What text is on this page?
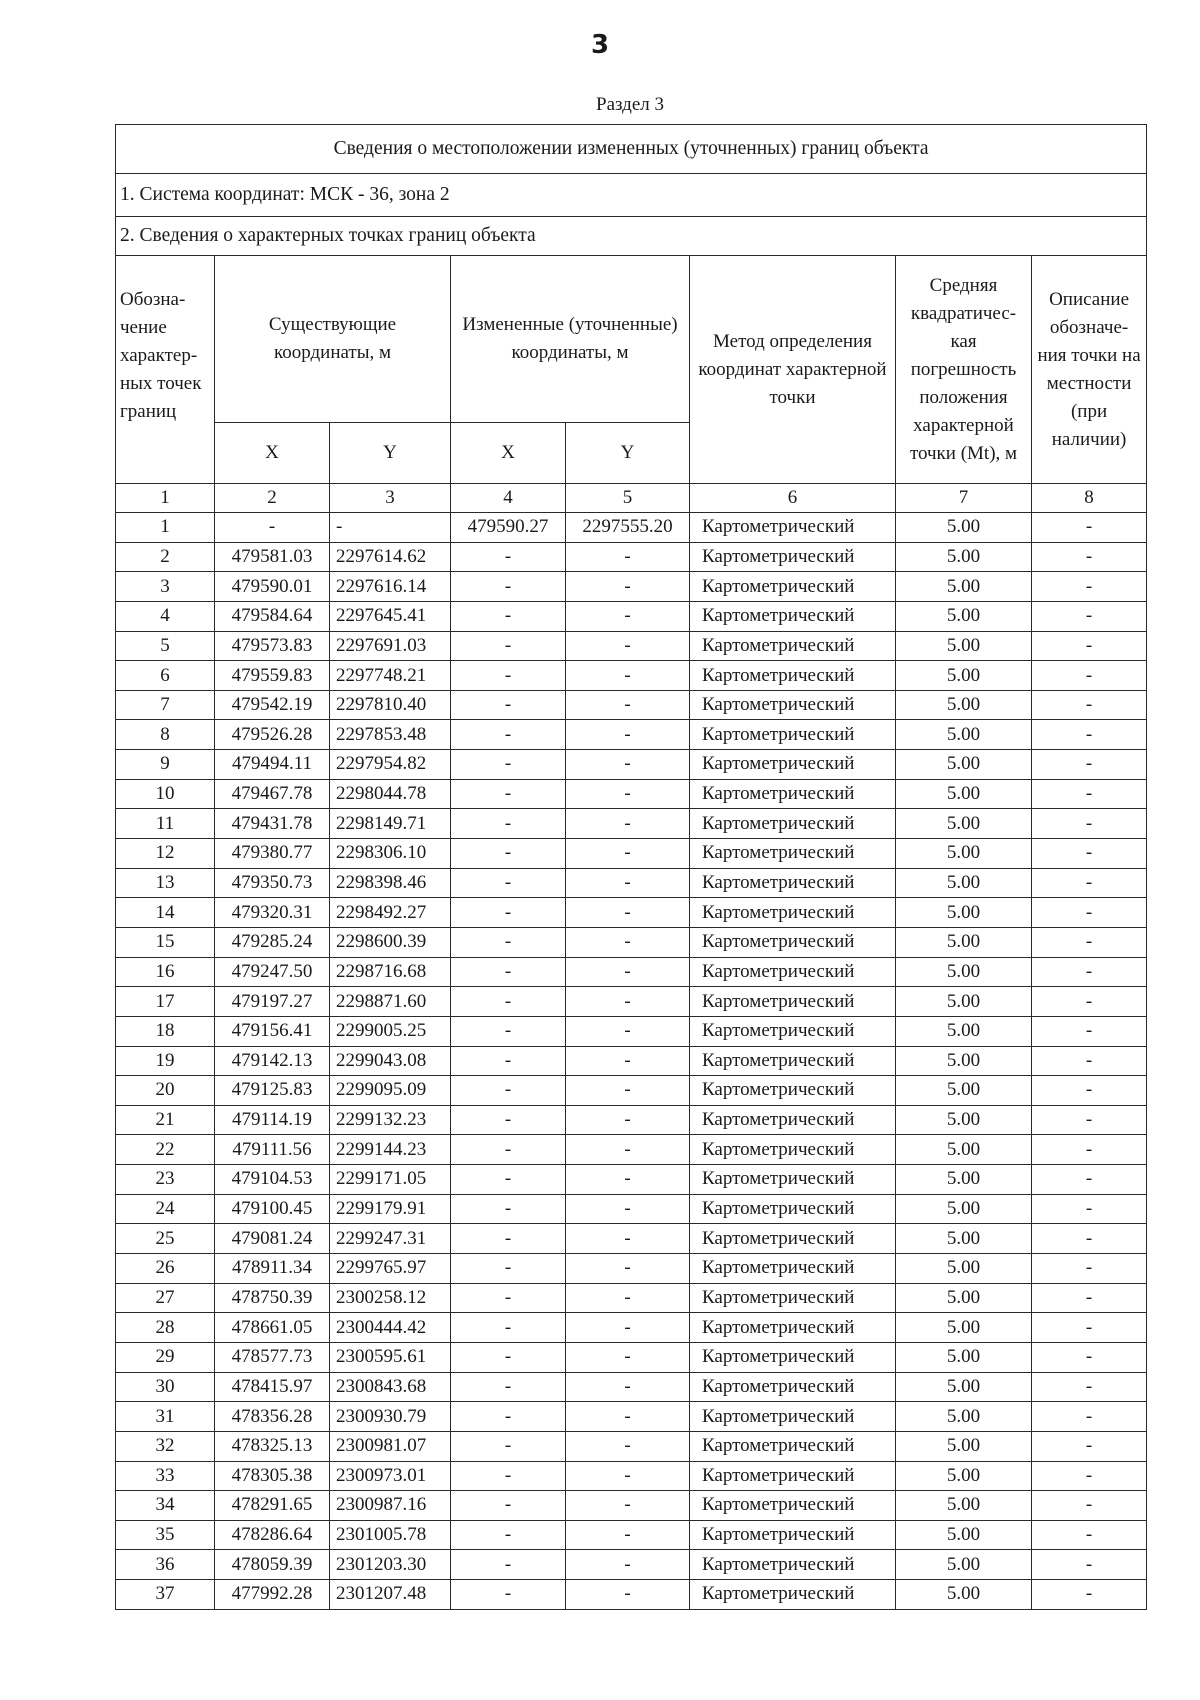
3
Раздел 3
Сведения о местоположении измененных (уточненных) границ объекта							
1. Система координат: МСК - 36, зона 2							
2. Сведения о характерных точках границ объекта							
Обозна-чение характер-ных точек границ	Существующие координаты, м		Измененные (уточненные) координаты, м		Метод определения координат характерной точки	Средняя квадратичес-кая погрешность положения характерной точки (Mt), м	Описание обозначе-ния точки на местности (при наличии)
	X	Y	X	Y			
1	2	3	4	5	6	7	8
1	-	-	479590.27	2297555.20	Картометрический	5.00	-
2	479581.03	2297614.62	-	-	Картометрический	5.00	-
3	479590.01	2297616.14	-	-	Картометрический	5.00	-
4	479584.64	2297645.41	-	-	Картометрический	5.00	-
5	479573.83	2297691.03	-	-	Картометрический	5.00	-
6	479559.83	2297748.21	-	-	Картометрический	5.00	-
7	479542.19	2297810.40	-	-	Картометрический	5.00	-
8	479526.28	2297853.48	-	-	Картометрический	5.00	-
9	479494.11	2297954.82	-	-	Картометрический	5.00	-
10	479467.78	2298044.78	-	-	Картометрический	5.00	-
11	479431.78	2298149.71	-	-	Картометрический	5.00	-
12	479380.77	2298306.10	-	-	Картометрический	5.00	-
13	479350.73	2298398.46	-	-	Картометрический	5.00	-
14	479320.31	2298492.27	-	-	Картометрический	5.00	-
15	479285.24	2298600.39	-	-	Картометрический	5.00	-
16	479247.50	2298716.68	-	-	Картометрический	5.00	-
17	479197.27	2298871.60	-	-	Картометрический	5.00	-
18	479156.41	2299005.25	-	-	Картометрический	5.00	-
19	479142.13	2299043.08	-	-	Картометрический	5.00	-
20	479125.83	2299095.09	-	-	Картометрический	5.00	-
21	479114.19	2299132.23	-	-	Картометрический	5.00	-
22	479111.56	2299144.23	-	-	Картометрический	5.00	-
23	479104.53	2299171.05	-	-	Картометрический	5.00	-
24	479100.45	2299179.91	-	-	Картометрический	5.00	-
25	479081.24	2299247.31	-	-	Картометрический	5.00	-
26	478911.34	2299765.97	-	-	Картометрический	5.00	-
27	478750.39	2300258.12	-	-	Картометрический	5.00	-
28	478661.05	2300444.42	-	-	Картометрический	5.00	-
29	478577.73	2300595.61	-	-	Картометрический	5.00	-
30	478415.97	2300843.68	-	-	Картометрический	5.00	-
31	478356.28	2300930.79	-	-	Картометрический	5.00	-
32	478325.13	2300981.07	-	-	Картометрический	5.00	-
33	478305.38	2300973.01	-	-	Картометрический	5.00	-
34	478291.65	2300987.16	-	-	Картометрический	5.00	-
35	478286.64	2301005.78	-	-	Картометрический	5.00	-
36	478059.39	2301203.30	-	-	Картометрический	5.00	-
37	477992.28	2301207.48	-	-	Картометрический	5.00	-
